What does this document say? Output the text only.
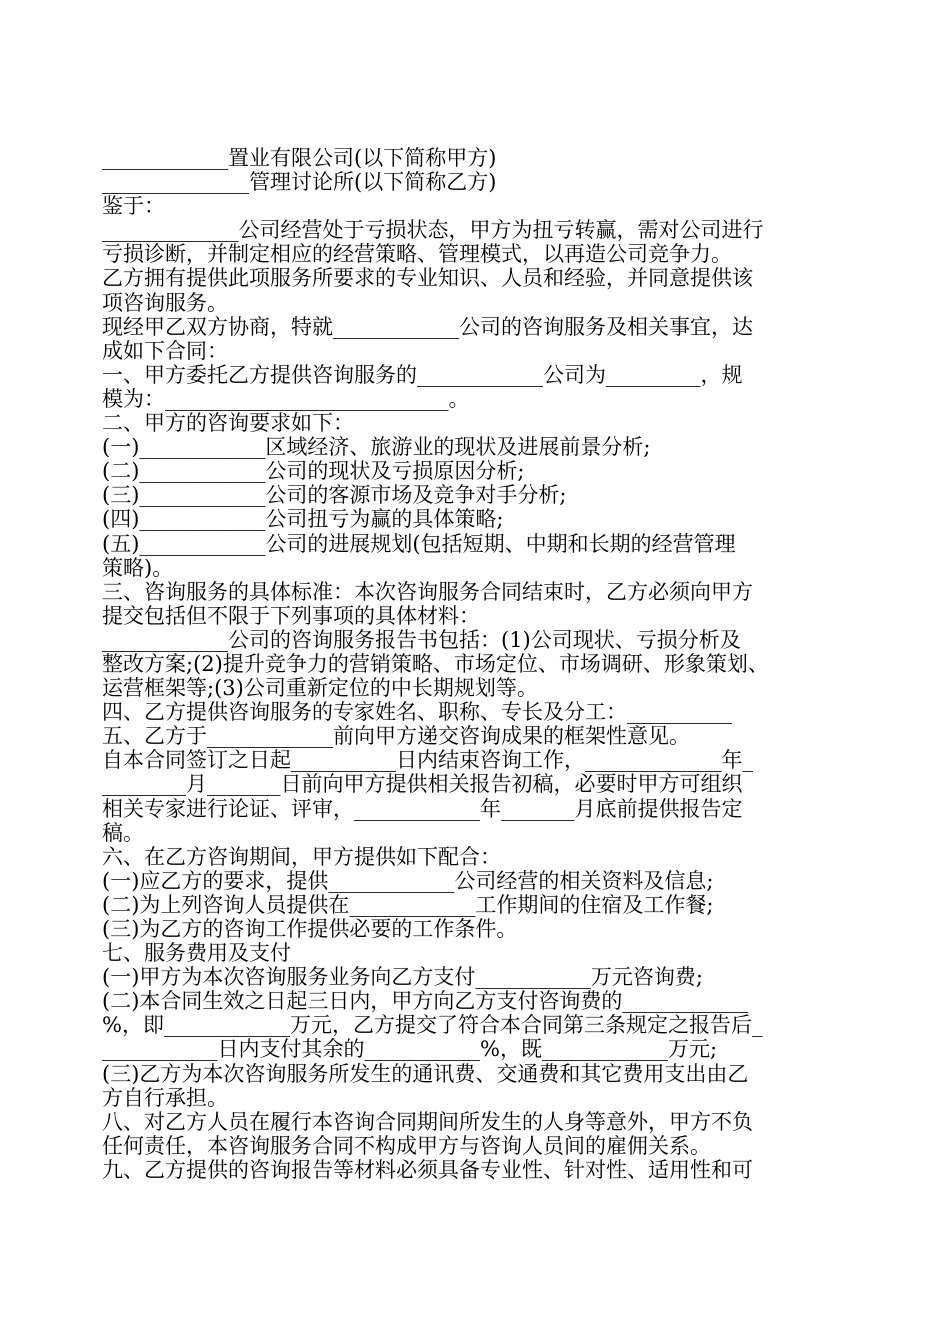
____________置业有限公司(以下简称甲方)
______________管理讨论所(以下简称乙方)
鉴于：
_____________公司经营处于亏损状态，甲方为扭亏转赢，需对公司进行
亏损诊断，并制定相应的经营策略、管理模式，以再造公司竞争力。
乙方拥有提供此项服务所要求的专业知识、人员和经验，并同意提供该
项咨询服务。
现经甲乙双方协商，特就____________公司的咨询服务及相关事宜，达
成如下合同：
一、甲方委托乙方提供咨询服务的____________公司为_________，规
模为：___________________________。
二、甲方的咨询要求如下：
(一)____________区域经济、旅游业的现状及进展前景分析;
(二)____________公司的现状及亏损原因分析;
(三)____________公司的客源市场及竞争对手分析;
(四)____________公司扭亏为赢的具体策略;
(五)____________公司的进展规划(包括短期、中期和长期的经营管理
策略)。
三、咨询服务的具体标准：本次咨询服务合同结束时，乙方必须向甲方
提交包括但不限于下列事项的具体材料：
____________公司的咨询服务报告书包括：(1)公司现状、亏损分析及
整改方案;(2)提升竞争力的营销策略、市场定位、市场调研、形象策划、
运营框架等;(3)公司重新定位的中长期规划等。
四、乙方提供咨询服务的专家姓名、职称、专长及分工：__________
五、乙方于____________前向甲方递交咨询成果的框架性意见。
自本合同签订之日起__________日内结束咨询工作，_____________年_
________月_______日前向甲方提供相关报告初稿，必要时甲方可组织
相关专家进行论证、评审，____________年_______月底前提供报告定
稿。
六、在乙方咨询期间，甲方提供如下配合：
(一)应乙方的要求，提供____________公司经营的相关资料及信息;
(二)为上列咨询人员提供在____________工作期间的住宿及工作餐;
(三)为乙方的咨询工作提供必要的工作条件。
七、服务费用及支付
(一)甲方为本次咨询服务业务向乙方支付___________万元咨询费;
(二)本合同生效之日起三日内，甲方向乙方支付咨询费的____________
%，即____________万元，乙方提交了符合本合同第三条规定之报告后_
___________日内支付其余的___________%，既____________万元;
(三)乙方为本次咨询服务所发生的通讯费、交通费和其它费用支出由乙
方自行承担。
八、对乙方人员在履行本咨询合同期间所发生的人身等意外，甲方不负
任何责任，本咨询服务合同不构成甲方与咨询人员间的雇佣关系。
九、乙方提供的咨询报告等材料必须具备专业性、针对性、适用性和可
